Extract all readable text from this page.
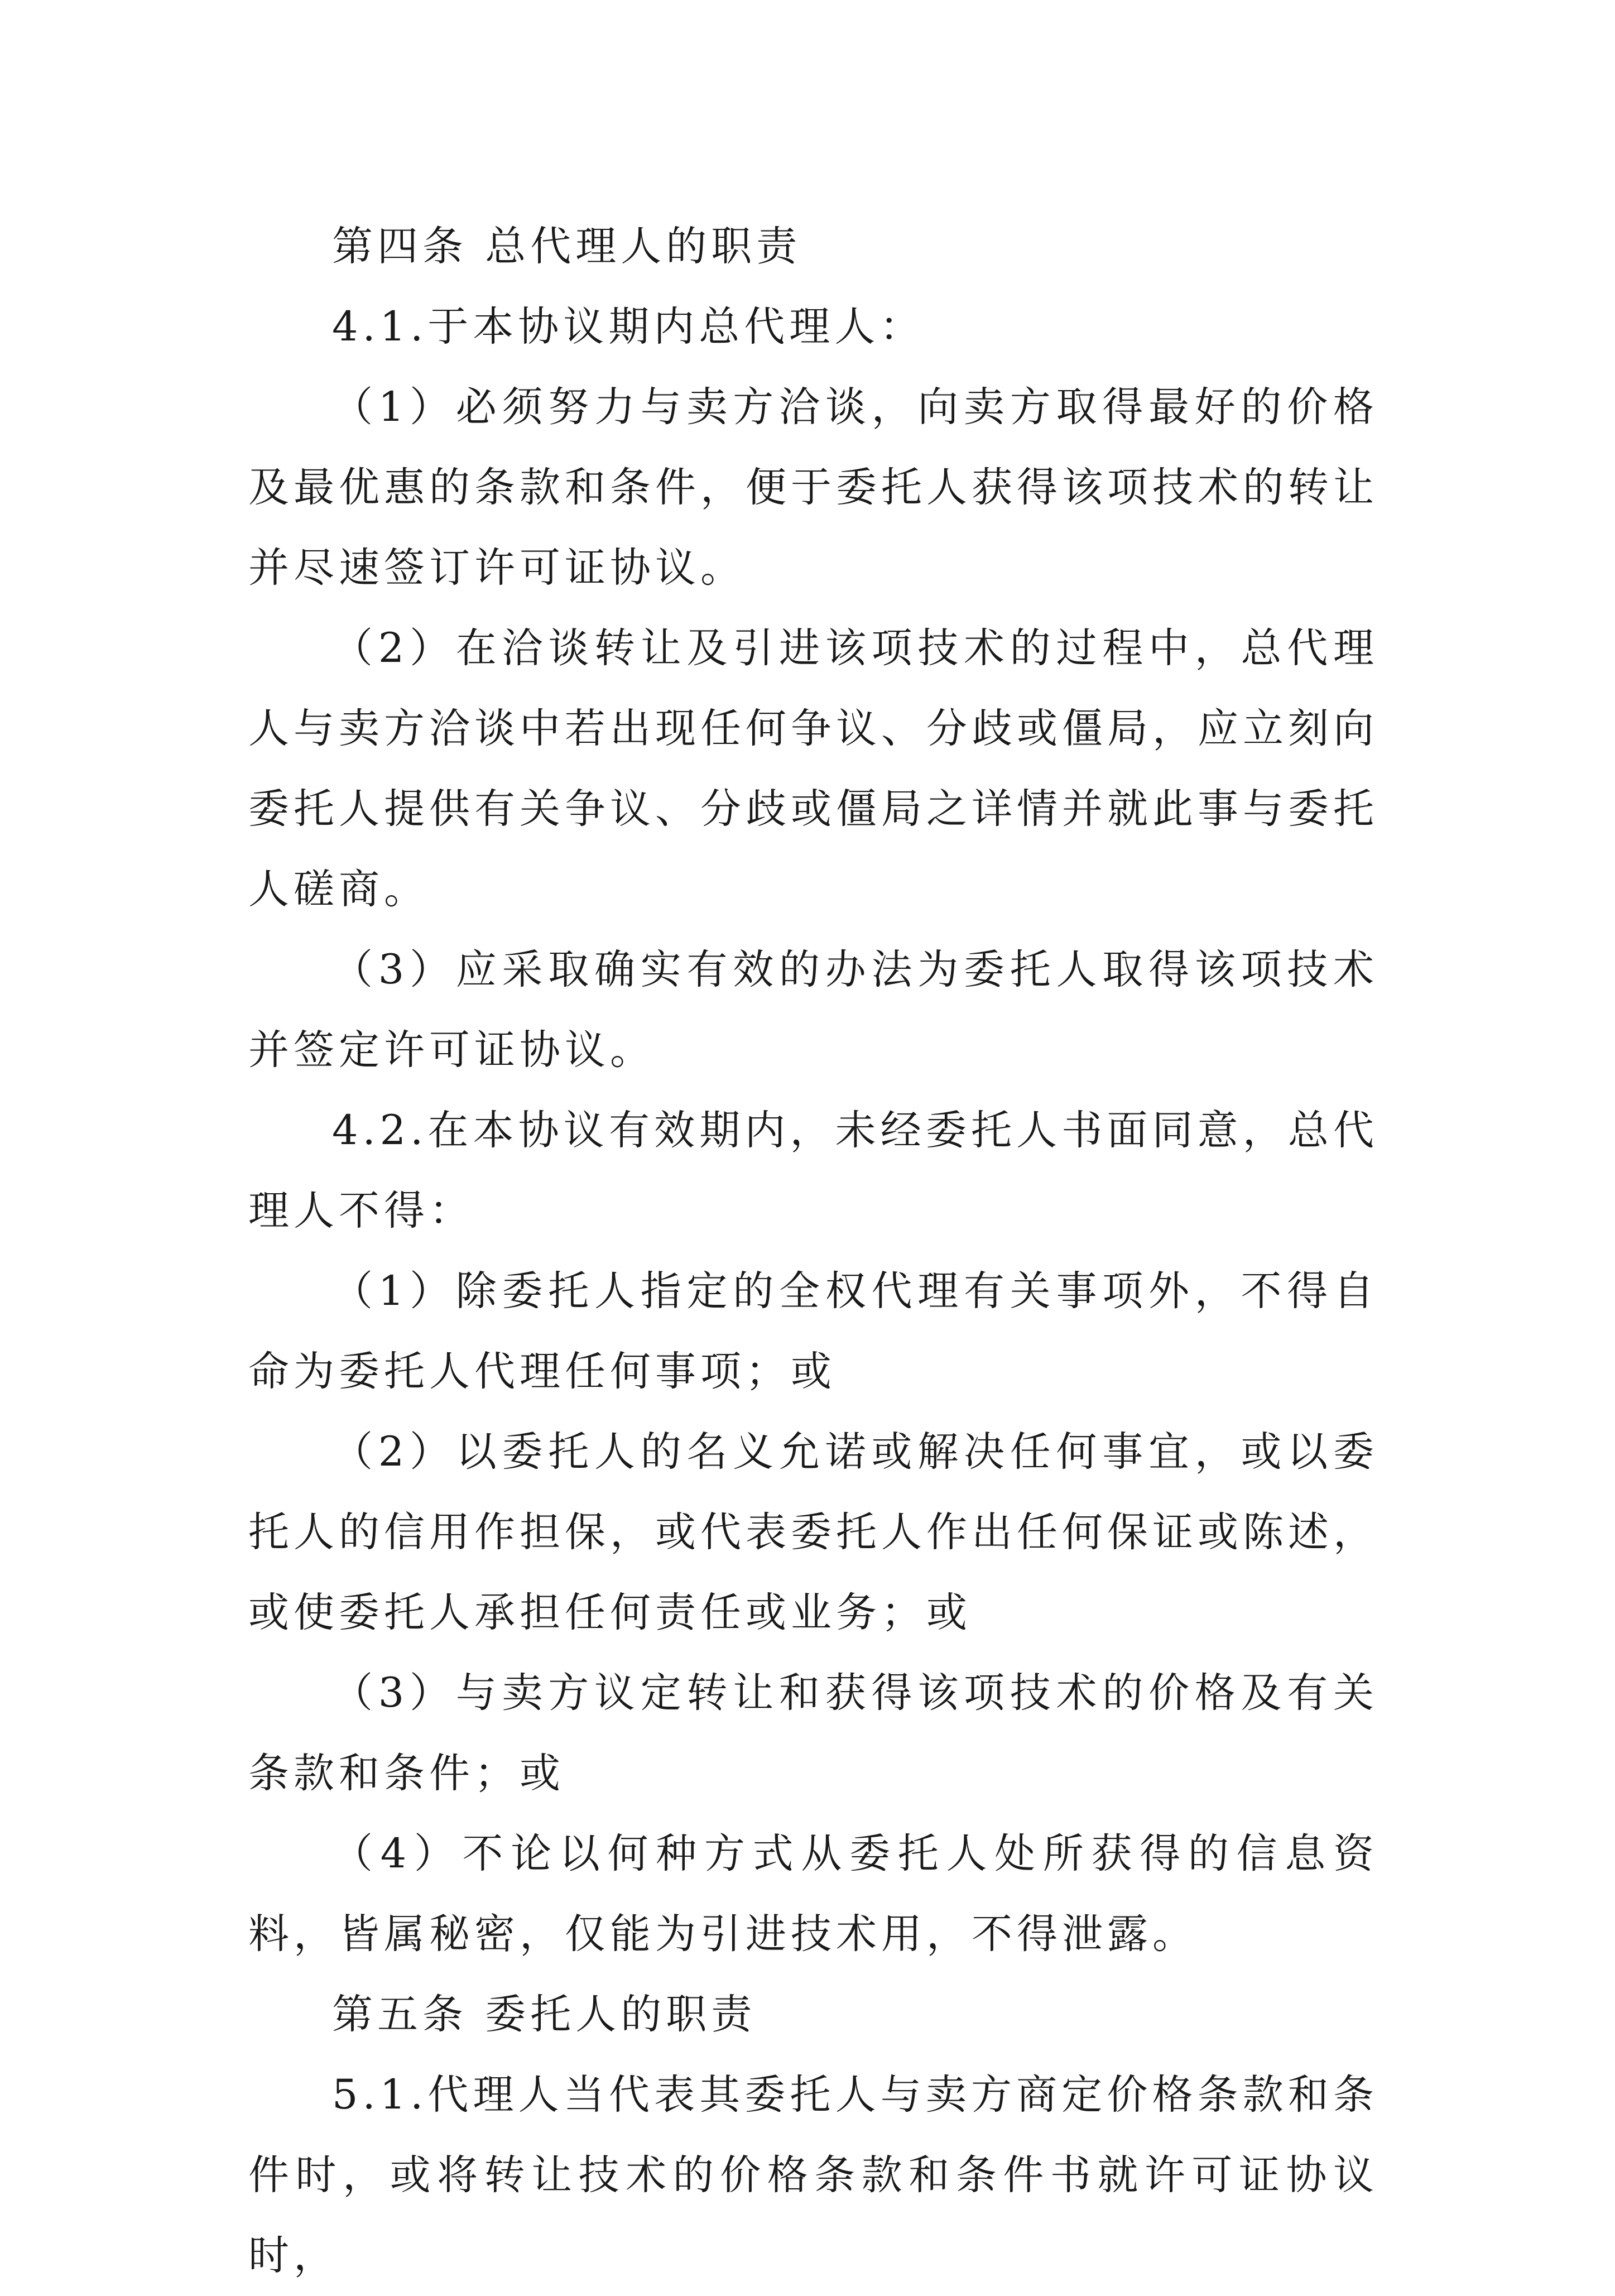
第四条 总代理人的职责

4.1.于本协议期内总代理人：

（1）必须努力与卖方洽谈，向卖方取得最好的价格及最优惠的条款和条件，便于委托人获得该项技术的转让并尽速签订许可证协议。

（2）在洽谈转让及引进该项技术的过程中，总代理人与卖方洽谈中若出现任何争议、分歧或僵局，应立刻向委托人提供有关争议、分歧或僵局之详情并就此事与委托人磋商。

（3）应采取确实有效的办法为委托人取得该项技术并签定许可证协议。

4.2.在本协议有效期内，未经委托人书面同意，总代理人不得：

（1）除委托人指定的全权代理有关事项外，不得自命为委托人代理任何事项；或

（2）以委托人的名义允诺或解决任何事宜，或以委托人的信用作担保，或代表委托人作出任何保证或陈述，或使委托人承担任何责任或业务；或

（3）与卖方议定转让和获得该项技术的价格及有关条款和条件；或

（4）不论以何种方式从委托人处所获得的信息资料，皆属秘密，仅能为引进技术用，不得泄露。

第五条 委托人的职责

5.1.代理人当代表其委托人与卖方商定价格条款和条件时，或将转让技术的价格条款和条件书就许可证协议时，
